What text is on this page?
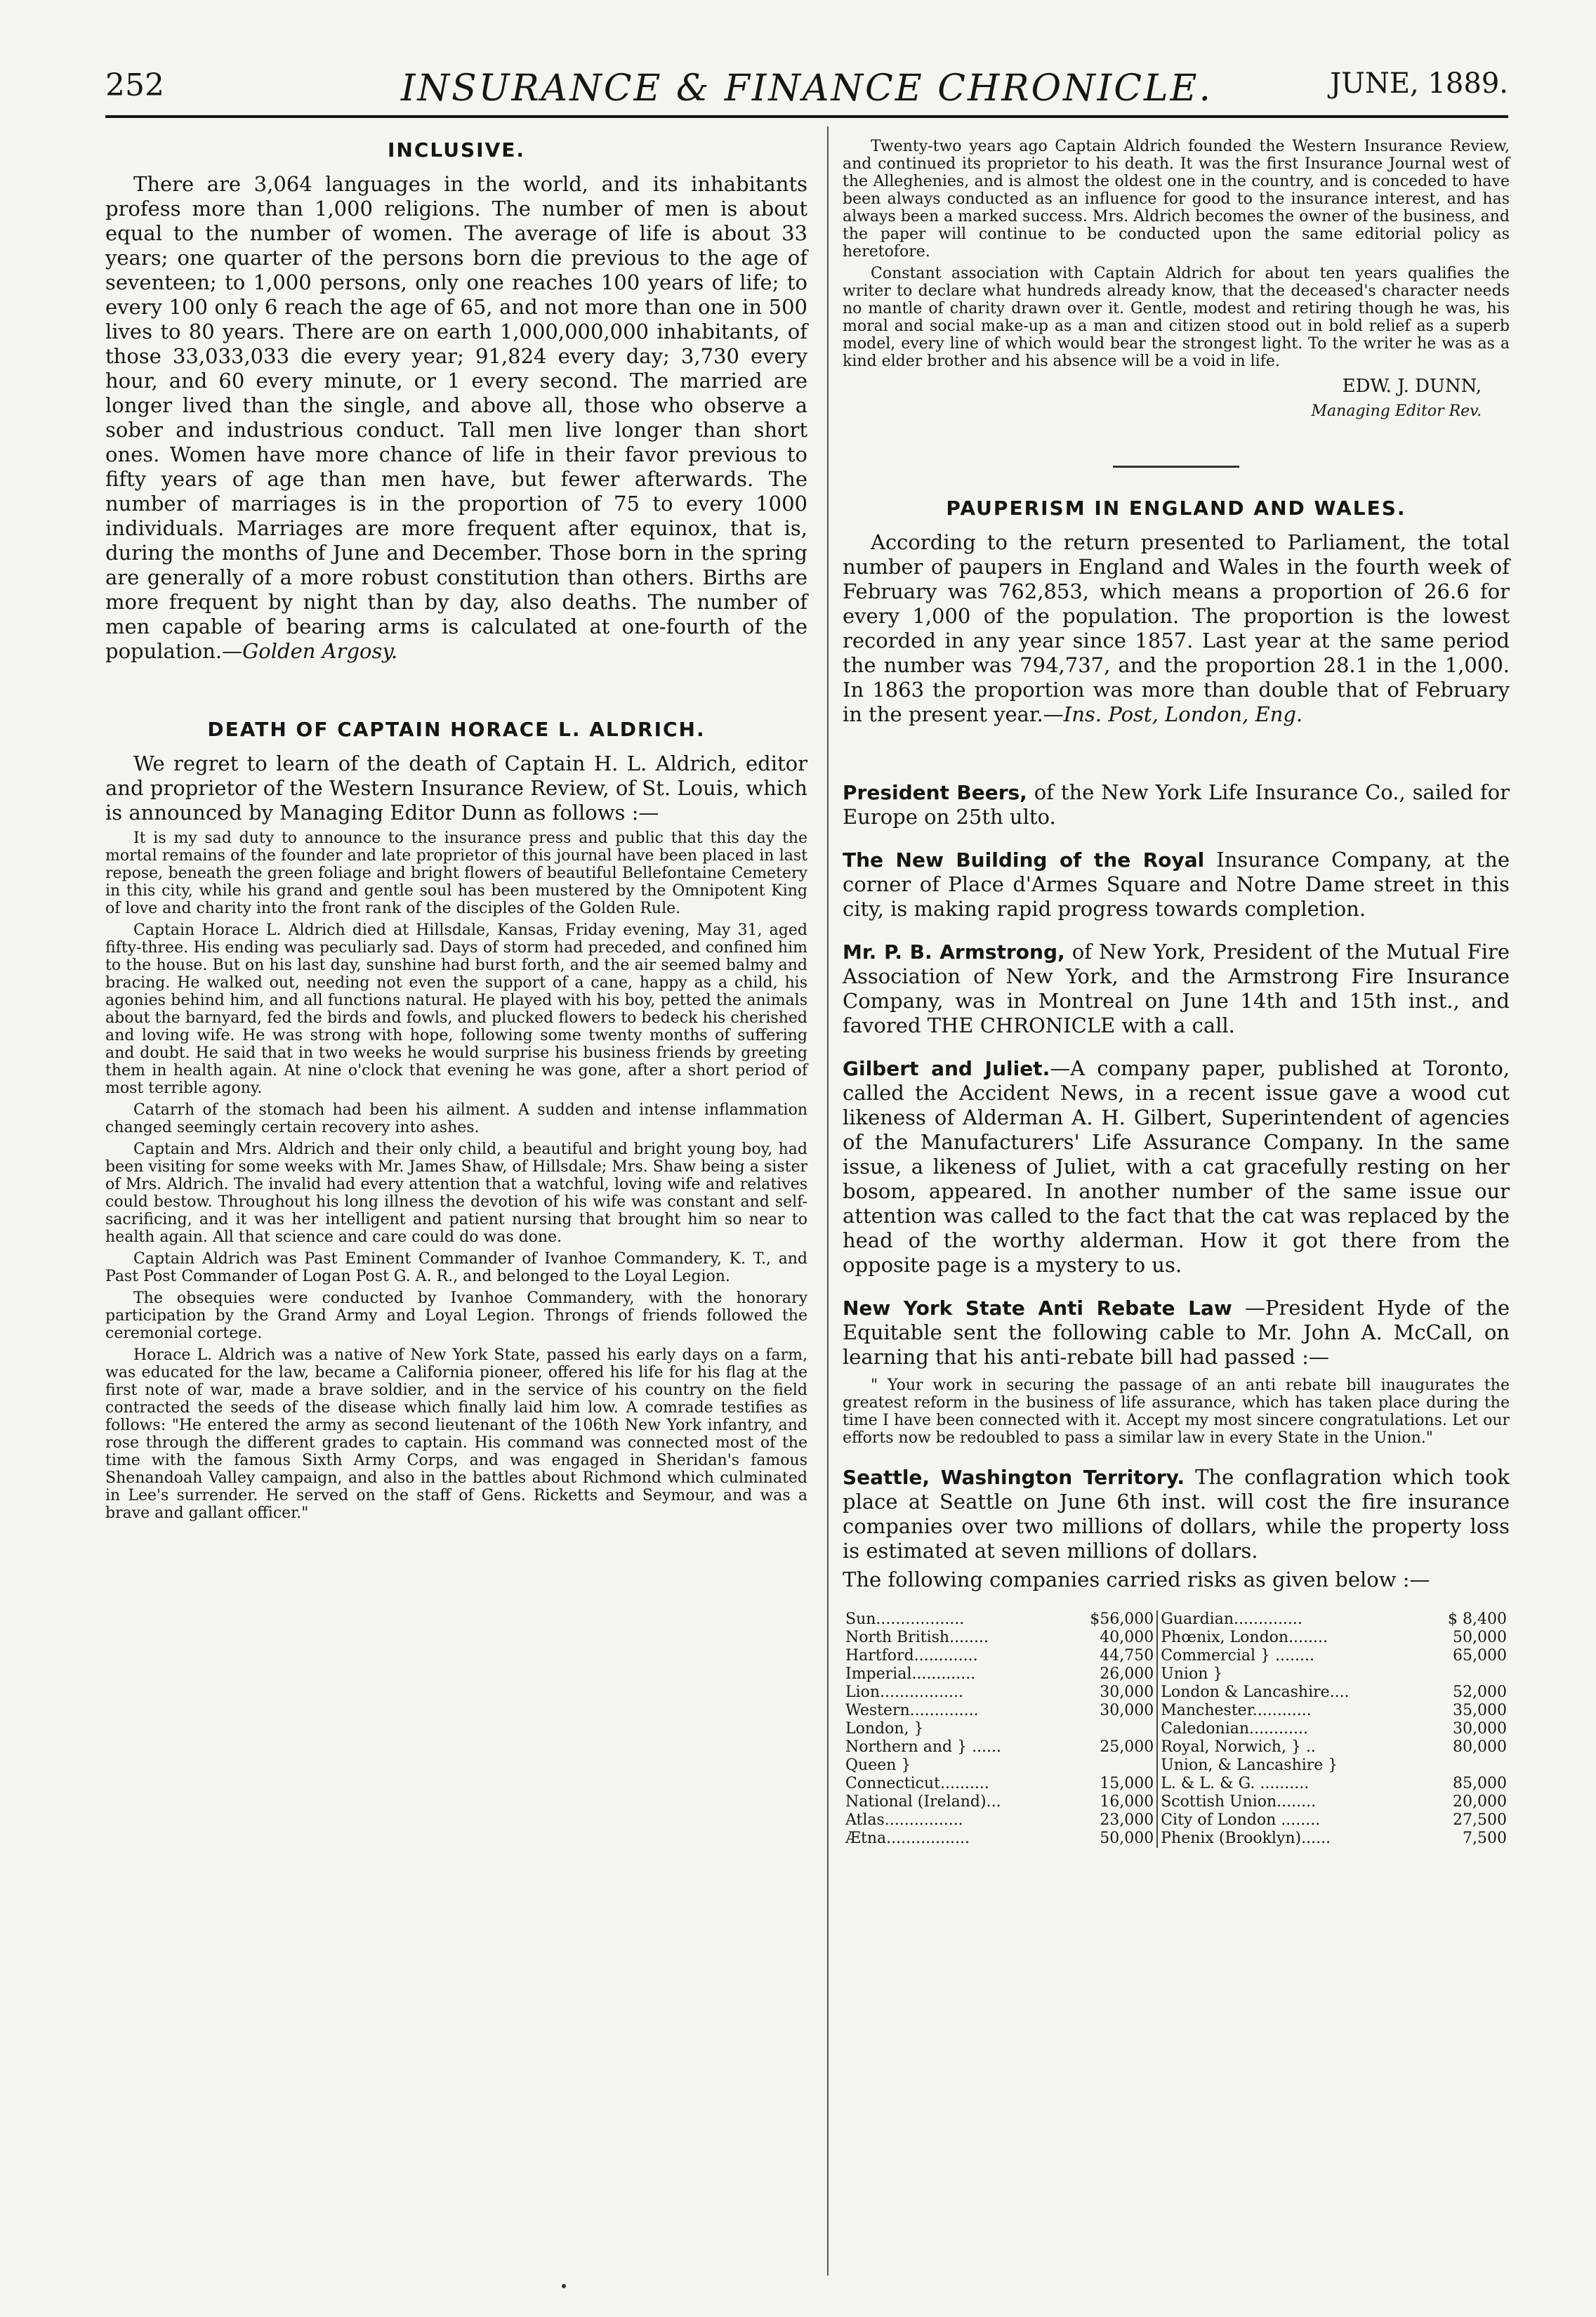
252	INSURANCE & FINANCE CHRONICLE.	JUNE, 1889.
INCLUSIVE.

There are 3,064 languages in the world, and its inhabitants profess more than 1,000 religions. The number of men is about equal to the number of women. The average of life is about 33 years; one quarter of the persons born die previous to the age of seventeen; to 1,000 persons, only one reaches 100 years of life; to every 100 only 6 reach the age of 65, and not more than one in 500 lives to 80 years. There are on earth 1,000,000,000 inhabitants, of those 33,033,033 die every year; 91,824 every day; 3,730 every hour, and 60 every minute, or 1 every second. The married are longer lived than the single, and above all, those who observe a sober and industrious conduct. Tall men live longer than short ones. Women have more chance of life in their favor previous to fifty years of age than men have, but fewer afterwards. The number of marriages is in the proportion of 75 to every 1000 individuals. Marriages are more frequent after equinox, that is, during the months of June and December. Those born in the spring are generally of a more robust constitution than others. Births are more frequent by night than by day, also deaths. The number of men capable of bearing arms is calculated at one-fourth of the population.—Golden Argosy.

DEATH OF CAPTAIN HORACE L. ALDRICH.

We regret to learn of the death of Captain H. L. Aldrich, editor and proprietor of the Western Insurance Review, of St. Louis, which is announced by Managing Editor Dunn as follows :—

It is my sad duty to announce to the insurance press and public that this day the mortal remains of the founder and late proprietor of this journal have been placed in last repose, beneath the green foliage and bright flowers of beautiful Bellefontaine Cemetery in this city, while his grand and gentle soul has been mustered by the Omnipotent King of love and charity into the front rank of the disciples of the Golden Rule.

Captain Horace L. Aldrich died at Hillsdale, Kansas, Friday evening, May 31, aged fifty-three. His ending was peculiarly sad. Days of storm had preceded, and confined him to the house. But on his last day, sunshine had burst forth, and the air seemed balmy and bracing. He walked out, needing not even the support of a cane, happy as a child, his agonies behind him, and all functions natural. He played with his boy, petted the animals about the barnyard, fed the birds and fowls, and plucked flowers to bedeck his cherished and loving wife. He was strong with hope, following some twenty months of suffering and doubt. He said that in two weeks he would surprise his business friends by greeting them in health again. At nine o'clock that evening he was gone, after a short period of most terrible agony.

Catarrh of the stomach had been his ailment. A sudden and intense inflammation changed seemingly certain recovery into ashes.

Captain and Mrs. Aldrich and their only child, a beautiful and bright young boy, had been visiting for some weeks with Mr. James Shaw, of Hillsdale; Mrs. Shaw being a sister of Mrs. Aldrich. The invalid had every attention that a watchful, loving wife and relatives could bestow. Throughout his long illness the devotion of his wife was constant and self-sacrificing, and it was her intelligent and patient nursing that brought him so near to health again. All that science and care could do was done.

Captain Aldrich was Past Eminent Commander of Ivanhoe Commandery, K. T., and Past Post Commander of Logan Post G. A. R., and belonged to the Loyal Legion.

The obsequies were conducted by Ivanhoe Commandery, with the honorary participation by the Grand Army and Loyal Legion. Throngs of friends followed the ceremonial cortege.

Horace L. Aldrich was a native of New York State, passed his early days on a farm, was educated for the law, became a California pioneer, offered his life for his flag at the first note of war, made a brave soldier, and in the service of his country on the field contracted the seeds of the disease which finally laid him low. A comrade testifies as follows: "He entered the army as second lieutenant of the 106th New York infantry, and rose through the different grades to captain. His command was connected most of the time with the famous Sixth Army Corps, and was engaged in Sheridan's famous Shenandoah Valley campaign, and also in the battles about Richmond which culminated in Lee's surrender. He served on the staff of Gens. Ricketts and Seymour, and was a brave and gallant officer."

Twenty-two years ago Captain Aldrich founded the Western Insurance Review, and continued its proprietor to his death. It was the first Insurance Journal west of the Alleghenies, and is almost the oldest one in the country, and is conceded to have been always conducted as an influence for good to the insurance interest, and has always been a marked success. Mrs. Aldrich becomes the owner of the business, and the paper will continue to be conducted upon the same editorial policy as heretofore.

Constant association with Captain Aldrich for about ten years qualifies the writer to declare what hundreds already know, that the deceased's character needs no mantle of charity drawn over it. Gentle, modest and retiring though he was, his moral and social make-up as a man and citizen stood out in bold relief as a superb model, every line of which would bear the strongest light. To the writer he was as a kind elder brother and his absence will be a void in life.

EDW. J. DUNN,
Managing Editor Rev.
PAUPERISM IN ENGLAND AND WALES.

According to the return presented to Parliament, the total number of paupers in England and Wales in the fourth week of February was 762,853, which means a proportion of 26.6 for every 1,000 of the population. The proportion is the lowest recorded in any year since 1857. Last year at the same period the number was 794,737, and the proportion 28.1 in the 1,000. In 1863 the proportion was more than double that of February in the present year.—Ins. Post, London, Eng.

President Beers, of the New York Life Insurance Co., sailed for Europe on 25th ulto.

The New Building of the Royal Insurance Company, at the corner of Place d'Armes Square and Notre Dame street in this city, is making rapid progress towards completion.

Mr. P. B. Armstrong, of New York, President of the Mutual Fire Association of New York, and the Armstrong Fire Insurance Company, was in Montreal on June 14th and 15th inst., and favored THE CHRONICLE with a call.

Gilbert and Juliet.—A company paper, published at Toronto, called the Accident News, in a recent issue gave a wood cut likeness of Alderman A. H. Gilbert, Superintendent of agencies of the Manufacturers' Life Assurance Company. In the same issue, a likeness of Juliet, with a cat gracefully resting on her bosom, appeared. In another number of the same issue our attention was called to the fact that the cat was replaced by the head of the worthy alderman. How it got there from the opposite page is a mystery to us.

New York State Anti Rebate Law —President Hyde of the Equitable sent the following cable to Mr. John A. McCall, on learning that his anti-rebate bill had passed :—

" Your work in securing the passage of an anti rebate bill inaugurates the greatest reform in the business of life assurance, which has taken place during the time I have been connected with it. Accept my most sincere congratulations. Let our efforts now be redoubled to pass a similar law in every State in the Union."

Seattle, Washington Territory. The conflagration which took place at Seattle on June 6th inst. will cost the fire insurance companies over two millions of dollars, while the property loss is estimated at seven millions of dollars.

The following companies carried risks as given below :—

Sun..................	$56,000	Guardian..............	$ 8,400
North British........	40,000	Phœnix, London........	50,000
Hartford.............	44,750	Commercial } ........	65,000
Imperial.............	26,000	Union }	
Lion.................	30,000	London & Lancashire....	52,000
Western..............	30,000	Manchester............	35,000
London, }		Caledonian............	30,000
Northern and } ......	25,000	Royal, Norwich, } ..	80,000
Queen }		Union, & Lancashire }	
Connecticut..........	15,000	L. & L. & G. ..........	85,000
National (Ireland)...	16,000	Scottish Union........	20,000
Atlas................	23,000	City of London ........	27,500
Ætna.................	50,000	Phenix (Brooklyn)......	7,500
